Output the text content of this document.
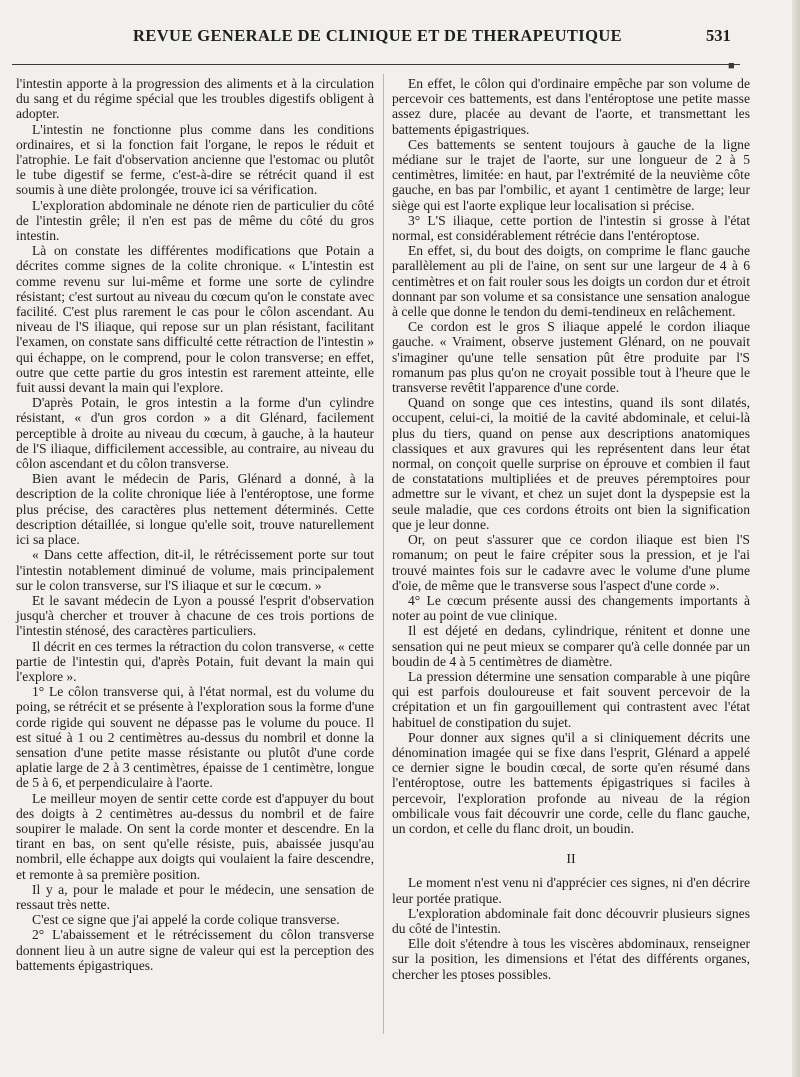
REVUE GENERALE DE CLINIQUE ET DE THERAPEUTIQUE	531
■

l'intestin apporte à la progression des aliments et à la circulation du sang et du régime spécial que les troubles digestifs obligent à adopter.

L'intestin ne fonctionne plus comme dans les conditions ordinaires, et si la fonction fait l'organe, le repos le réduit et l'atrophie. Le fait d'observation ancienne que l'estomac ou plutôt le tube digestif se ferme, c'est-à-dire se rétrécit quand il est soumis à une diète prolongée, trouve ici sa vérification.

L'exploration abdominale ne dénote rien de particulier du côté de l'intestin grêle; il n'en est pas de même du côté du gros intestin.

Là on constate les différentes modifications que Potain a décrites comme signes de la colite chronique. « L'intestin est comme revenu sur lui-même et forme une sorte de cylindre résistant; c'est surtout au niveau du cœcum qu'on le constate avec facilité. C'est plus rarement le cas pour le côlon ascendant. Au niveau de l'S iliaque, qui repose sur un plan résistant, facilitant l'examen, on constate sans difficulté cette rétraction de l'intestin » qui échappe, on le comprend, pour le colon transverse; en effet, outre que cette partie du gros intestin est rarement atteinte, elle fuit aussi devant la main qui l'explore.

D'après Potain, le gros intestin a la forme d'un cylindre résistant, « d'un gros cordon » a dit Glénard, facilement perceptible à droite au niveau du cœcum, à gauche, à la hauteur de l'S iliaque, difficilement accessible, au contraire, au niveau du côlon ascendant et du côlon transverse.

Bien avant le médecin de Paris, Glénard a donné, à la description de la colite chronique liée à l'entéroptose, une forme plus précise, des caractères plus nettement déterminés. Cette description détaillée, si longue qu'elle soit, trouve naturellement ici sa place.

« Dans cette affection, dit-il, le rétrécissement porte sur tout l'intestin notablement diminué de volume, mais principalement sur le colon transverse, sur l'S iliaque et sur le cœcum. »

Et le savant médecin de Lyon a poussé l'esprit d'observation jusqu'à chercher et trouver à chacune de ces trois portions de l'intestin sténosé, des caractères particuliers.

Il décrit en ces termes la rétraction du colon transverse, « cette partie de l'intestin qui, d'après Potain, fuit devant la main qui l'explore ».

1° Le côlon transverse qui, à l'état normal, est du volume du poing, se rétrécit et se présente à l'exploration sous la forme d'une corde rigide qui souvent ne dépasse pas le volume du pouce. Il est situé à 1 ou 2 centimètres au-dessus du nombril et donne la sensation d'une petite masse résistante ou plutôt d'une corde aplatie large de 2 à 3 centimètres, épaisse de 1 centimètre, longue de 5 à 6, et perpendiculaire à l'aorte.

Le meilleur moyen de sentir cette corde est d'appuyer du bout des doigts à 2 centimètres au-dessus du nombril et de faire soupirer le malade. On sent la corde monter et descendre. En la tirant en bas, on sent qu'elle résiste, puis, abaissée jusqu'au nombril, elle échappe aux doigts qui voulaient la faire descendre, et remonte à sa première position.

Il y a, pour le malade et pour le médecin, une sensation de ressaut très nette.

C'est ce signe que j'ai appelé la corde colique transverse.

2° L'abaissement et le rétrécissement du côlon transverse donnent lieu à un autre signe de valeur qui est la perception des battements épigastriques.

En effet, le côlon qui d'ordinaire empêche par son volume de percevoir ces battements, est dans l'entéroptose une petite masse assez dure, placée au devant de l'aorte, et transmettant les battements épigastriques.

Ces battements se sentent toujours à gauche de la ligne médiane sur le trajet de l'aorte, sur une longueur de 2 à 5 centimètres, limitée: en haut, par l'extrémité de la neuvième côte gauche, en bas par l'ombilic, et ayant 1 centimètre de large; leur siège qui est l'aorte explique leur localisation si précise.

3° L'S iliaque, cette portion de l'intestin si grosse à l'état normal, est considérablement rétrécie dans l'entéroptose.

En effet, si, du bout des doigts, on comprime le flanc gauche parallèlement au pli de l'aine, on sent sur une largeur de 4 à 6 centimètres et on fait rouler sous les doigts un cordon dur et étroit donnant par son volume et sa consistance une sensation analogue à celle que donne le tendon du demi-tendineux en relâchement.

Ce cordon est le gros S iliaque appelé le cordon iliaque gauche. « Vraiment, observe justement Glénard, on ne pouvait s'imaginer qu'une telle sensation pût être produite par l'S romanum pas plus qu'on ne croyait possible tout à l'heure que le transverse revêtit l'apparence d'une corde.

Quand on songe que ces intestins, quand ils sont dilatés, occupent, celui-ci, la moitié de la cavité abdominale, et celui-là plus du tiers, quand on pense aux descriptions anatomiques classiques et aux gravures qui les représentent dans leur état normal, on conçoit quelle surprise on éprouve et combien il faut de constatations multipliées et de preuves péremptoires pour admettre sur le vivant, et chez un sujet dont la dyspepsie est la seule maladie, que ces cordons étroits ont bien la signification que je leur donne.

Or, on peut s'assurer que ce cordon iliaque est bien l'S romanum; on peut le faire crépiter sous la pression, et je l'ai trouvé maintes fois sur le cadavre avec le volume d'une plume d'oie, de même que le transverse sous l'aspect d'une corde ».

4° Le cœcum présente aussi des changements importants à noter au point de vue clinique.

Il est déjeté en dedans, cylindrique, rénitent et donne une sensation qui ne peut mieux se comparer qu'à celle donnée par un boudin de 4 à 5 centimètres de diamètre.

La pression détermine une sensation comparable à une piqûre qui est parfois douloureuse et fait souvent percevoir de la crépitation et un fin gargouillement qui contrastent avec l'état habituel de constipation du sujet.

Pour donner aux signes qu'il a si cliniquement décrits une dénomination imagée qui se fixe dans l'esprit, Glénard a appelé ce dernier signe le boudin cœcal, de sorte qu'en résumé dans l'entéroptose, outre les battements épigastriques si faciles à percevoir, l'exploration profonde au niveau de la région ombilicale vous fait découvrir une corde, celle du flanc gauche, un cordon, et celle du flanc droit, un boudin.

II

Le moment n'est venu ni d'apprécier ces signes, ni d'en décrire leur portée pratique.

L'exploration abdominale fait donc découvrir plusieurs signes du côté de l'intestin.

Elle doit s'étendre à tous les viscères abdominaux, renseigner sur la position, les dimensions et l'état des différents organes, chercher les ptoses possibles.
